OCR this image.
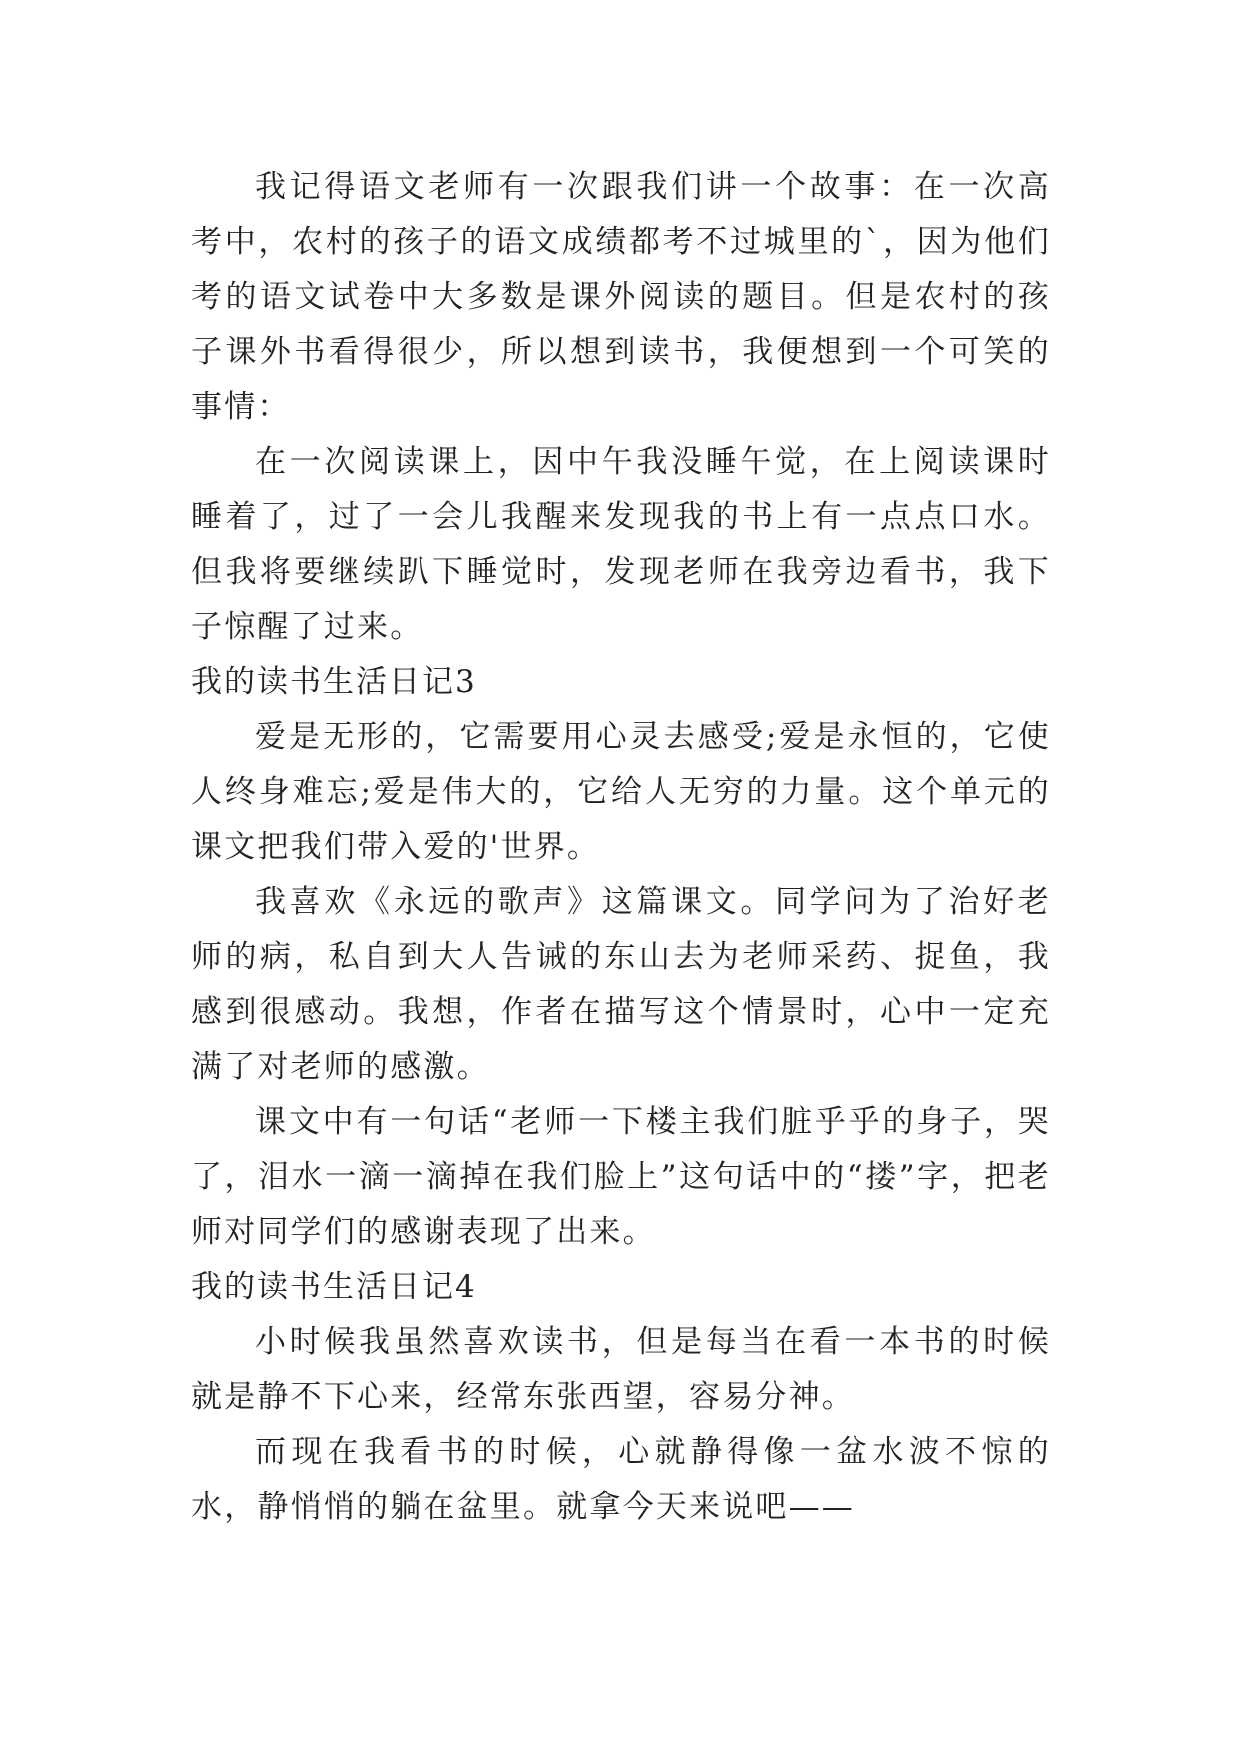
我记得语文老师有一次跟我们讲一个故事：在一次高考中，农村的孩子的语文成绩都考不过城里的`，因为他们考的语文试卷中大多数是课外阅读的题目。但是农村的孩子课外书看得很少，所以想到读书，我便想到一个可笑的事情：

在一次阅读课上，因中午我没睡午觉，在上阅读课时睡着了，过了一会儿我醒来发现我的书上有一点点口水。但我将要继续趴下睡觉时，发现老师在我旁边看书，我下子惊醒了过来。

我的读书生活日记3

爱是无形的，它需要用心灵去感受;爱是永恒的，它使人终身难忘;爱是伟大的，它给人无穷的力量。这个单元的课文把我们带入爱的'世界。

我喜欢《永远的歌声》这篇课文。同学问为了治好老师的病，私自到大人告诫的东山去为老师采药、捉鱼，我感到很感动。我想，作者在描写这个情景时，心中一定充满了对老师的感激。

课文中有一句话“老师一下楼主我们脏乎乎的身子，哭了，泪水一滴一滴掉在我们脸上”这句话中的“搂”字，把老师对同学们的感谢表现了出来。

我的读书生活日记4

小时候我虽然喜欢读书，但是每当在看一本书的时候就是静不下心来，经常东张西望，容易分神。

而现在我看书的时候，心就静得像一盆水波不惊的水，静悄悄的躺在盆里。就拿今天来说吧——
